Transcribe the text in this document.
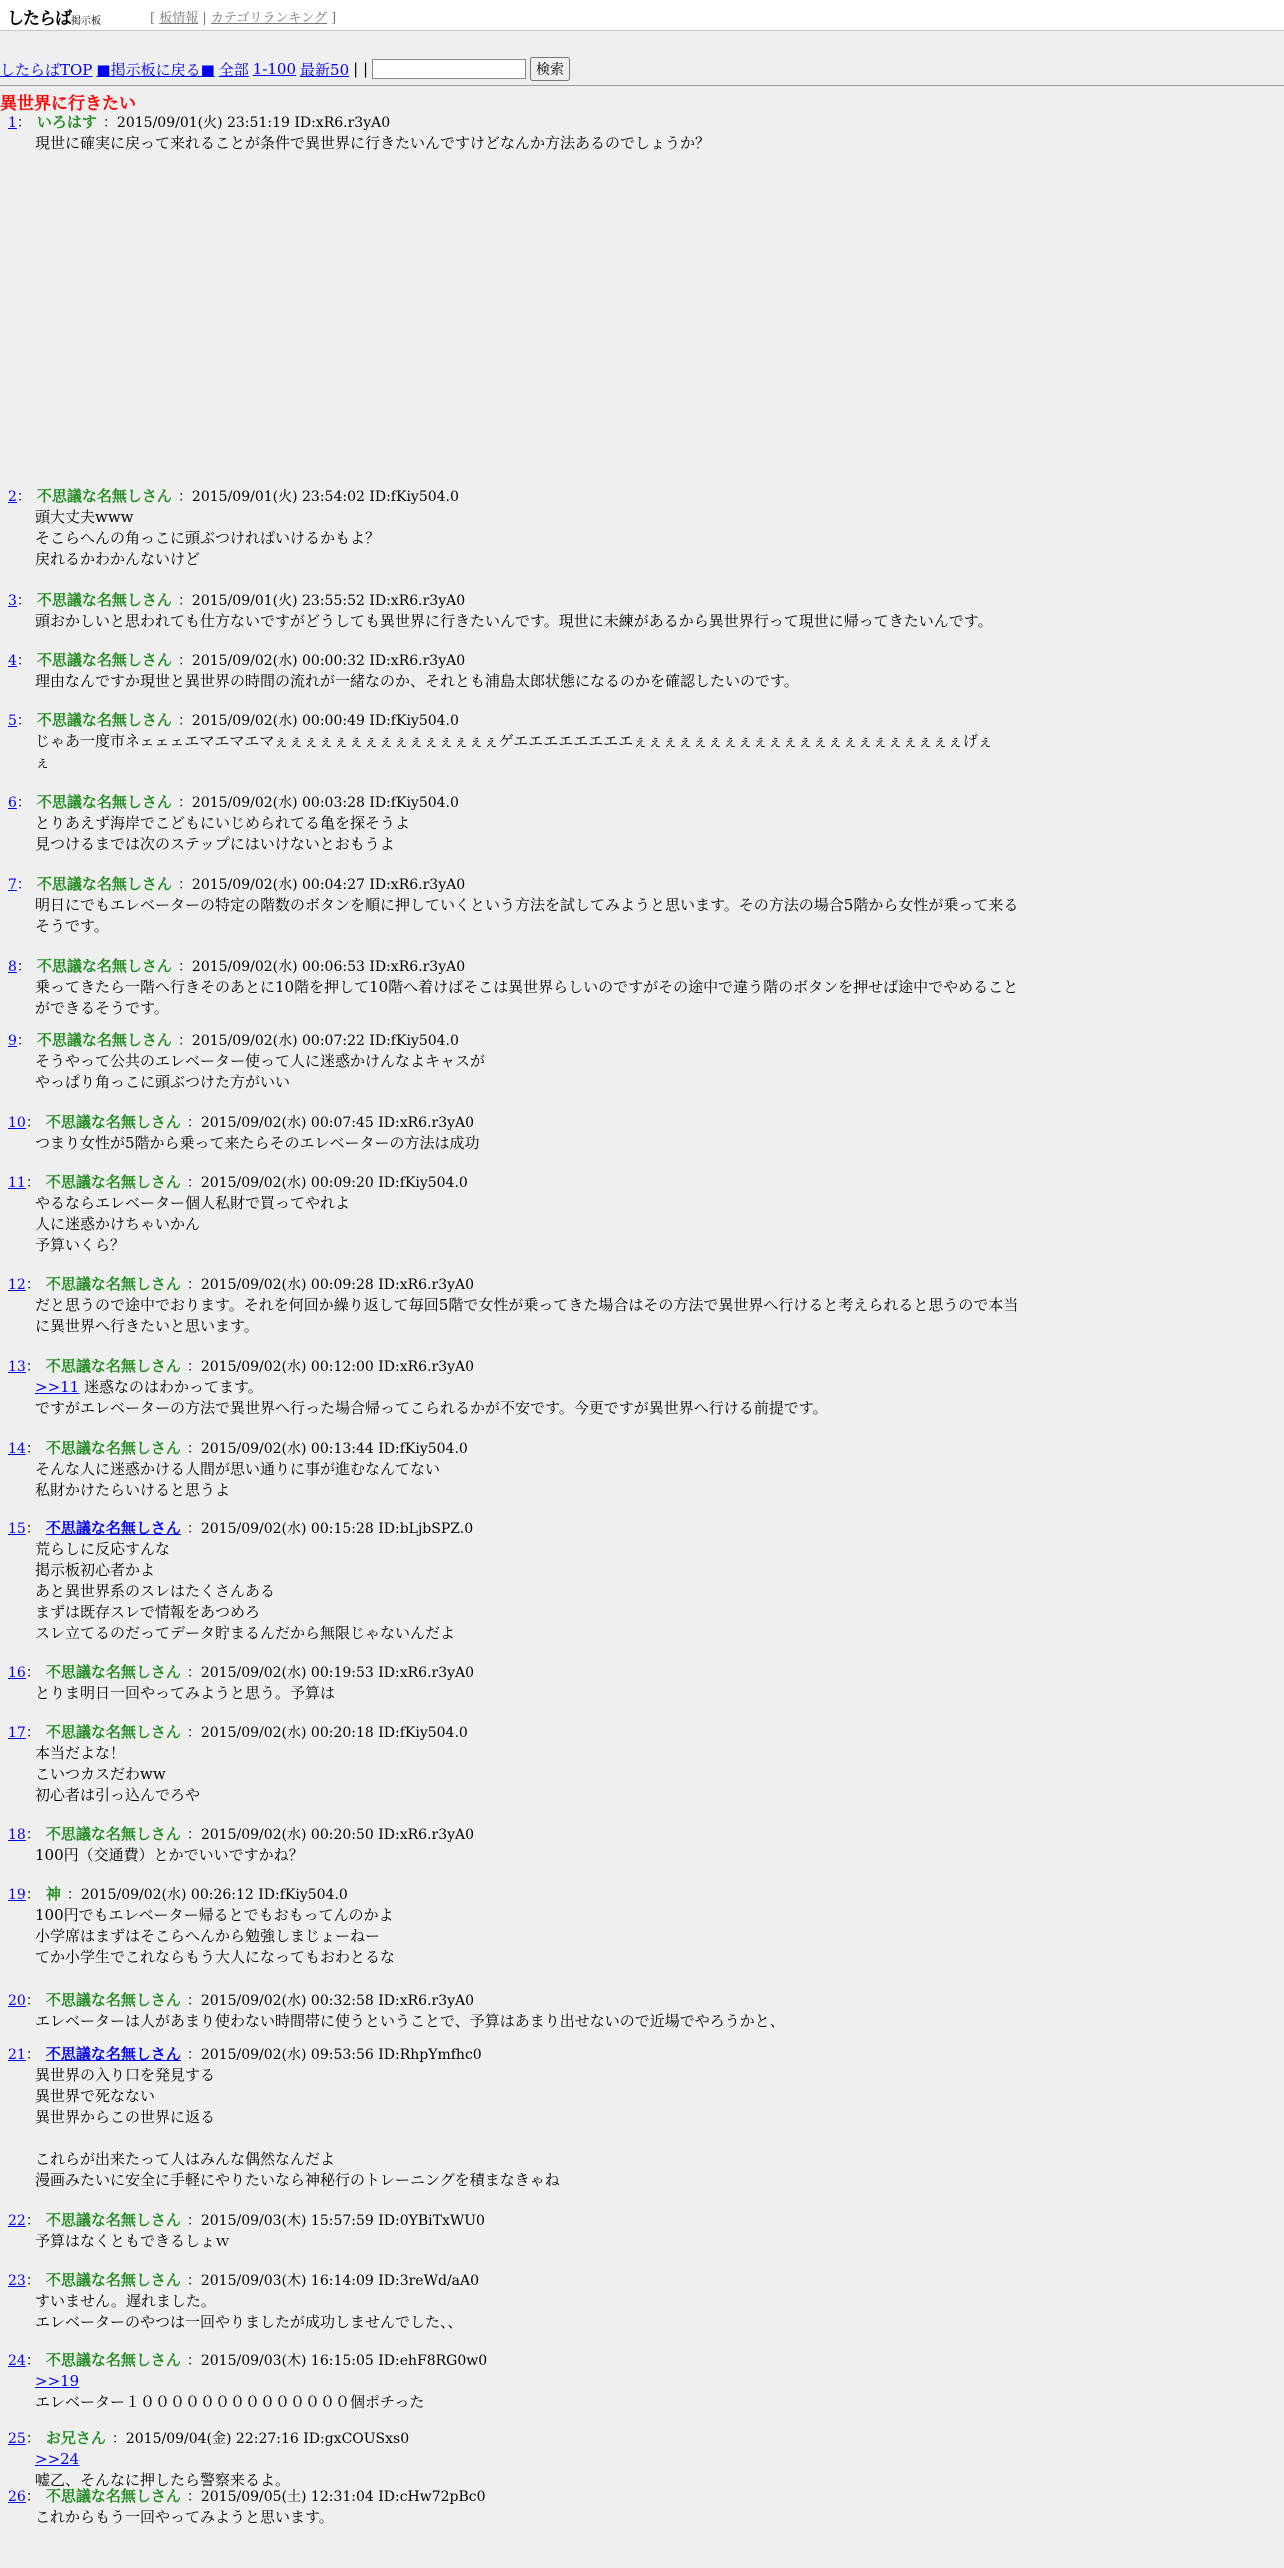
したらば掲示板	[ 板情報 | カテゴリランキング ]
したらばTOP ■掲示板に戻る■ 全部 1-100 最新50 | |	検索
異世界に行きたい
1： いろはす ：2015/09/01(火) 23:51:19 ID:xR6.r3yA0
現世に確実に戻って来れることが条件で異世界に行きたいんですけどなんか方法あるのでしょうか？
2： 不思議な名無しさん ：2015/09/01(火) 23:54:02 ID:fKiy504.0
頭大丈夫www
そこらへんの角っこに頭ぶつければいけるかもよ？
戻れるかわかんないけど
3： 不思議な名無しさん ：2015/09/01(火) 23:55:52 ID:xR6.r3yA0
頭おかしいと思われても仕方ないですがどうしても異世界に行きたいんです。現世に未練があるから異世界行って現世に帰ってきたいんです。
4： 不思議な名無しさん ：2015/09/02(水) 00:00:32 ID:xR6.r3yA0
理由なんですか現世と異世界の時間の流れが一緒なのか、それとも浦島太郎状態になるのかを確認したいのです。
5： 不思議な名無しさん ：2015/09/02(水) 00:00:49 ID:fKiy504.0
じゃあ一度市ネェェェエマエマエマぇぇぇぇぇぇぇぇぇぇぇぇぇぇぇゲエエエエエエエエぇぇぇぇぇぇぇぇぇぇぇぇぇぇぇぇぇぇぇぇぇぇげぇ
ぇ
6： 不思議な名無しさん ：2015/09/02(水) 00:03:28 ID:fKiy504.0
とりあえず海岸でこどもにいじめられてる亀を探そうよ
見つけるまでは次のステップにはいけないとおもうよ
7： 不思議な名無しさん ：2015/09/02(水) 00:04:27 ID:xR6.r3yA0
明日にでもエレベーターの特定の階数のボタンを順に押していくという方法を試してみようと思います。その方法の場合5階から女性が乗って来る
そうです。
8： 不思議な名無しさん ：2015/09/02(水) 00:06:53 ID:xR6.r3yA0
乗ってきたら一階へ行きそのあとに10階を押して10階へ着けばそこは異世界らしいのですがその途中で違う階のボタンを押せば途中でやめること
ができるそうです。
9： 不思議な名無しさん ：2015/09/02(水) 00:07:22 ID:fKiy504.0
そうやって公共のエレベーター使って人に迷惑かけんなよキャスが
やっぱり角っこに頭ぶつけた方がいい
10： 不思議な名無しさん ：2015/09/02(水) 00:07:45 ID:xR6.r3yA0
つまり女性が5階から乗って来たらそのエレベーターの方法は成功
11： 不思議な名無しさん ：2015/09/02(水) 00:09:20 ID:fKiy504.0
やるならエレベーター個人私財で買ってやれよ
人に迷惑かけちゃいかん
予算いくら？
12： 不思議な名無しさん ：2015/09/02(水) 00:09:28 ID:xR6.r3yA0
だと思うので途中でおります。それを何回か繰り返して毎回5階で女性が乗ってきた場合はその方法で異世界へ行けると考えられると思うので本当
に異世界へ行きたいと思います。
13： 不思議な名無しさん ：2015/09/02(水) 00:12:00 ID:xR6.r3yA0
>>11 迷惑なのはわかってます。
ですがエレベーターの方法で異世界へ行った場合帰ってこられるかが不安です。今更ですが異世界へ行ける前提です。
14： 不思議な名無しさん ：2015/09/02(水) 00:13:44 ID:fKiy504.0
そんな人に迷惑かける人間が思い通りに事が進むなんてない
私財かけたらいけると思うよ
15： 不思議な名無しさん ：2015/09/02(水) 00:15:28 ID:bLjbSPZ.0
荒らしに反応すんな
掲示板初心者かよ
あと異世界系のスレはたくさんある
まずは既存スレで情報をあつめろ
スレ立てるのだってデータ貯まるんだから無限じゃないんだよ
16： 不思議な名無しさん ：2015/09/02(水) 00:19:53 ID:xR6.r3yA0
とりま明日一回やってみようと思う。予算は
17： 不思議な名無しさん ：2015/09/02(水) 00:20:18 ID:fKiy504.0
本当だよな！
こいつカスだわww
初心者は引っ込んでろや
18： 不思議な名無しさん ：2015/09/02(水) 00:20:50 ID:xR6.r3yA0
100円（交通費）とかでいいですかね？
19： 神 ：2015/09/02(水) 00:26:12 ID:fKiy504.0
100円でもエレベーター帰るとでもおもってんのかよ
小学席はまずはそこらへんから勉強しまじょーねー
てか小学生でこれならもう大人になってもおわとるな
20： 不思議な名無しさん ：2015/09/02(水) 00:32:58 ID:xR6.r3yA0
エレベーターは人があまり使わない時間帯に使うということで、予算はあまり出せないので近場でやろうかと、
21： 不思議な名無しさん ：2015/09/02(水) 09:53:56 ID:RhpYmfhc0
異世界の入り口を発見する
異世界で死なない
異世界からこの世界に返る

これらが出来たって人はみんな偶然なんだよ
漫画みたいに安全に手軽にやりたいなら神秘行のトレーニングを積まなきゃね
22： 不思議な名無しさん ：2015/09/03(木) 15:57:59 ID:0YBiTxWU0
予算はなくともできるしょｗ
23： 不思議な名無しさん ：2015/09/03(木) 16:14:09 ID:3reWd/aA0
すいません。遅れました。
エレベーターのやつは一回やりましたが成功しませんでした、、
24： 不思議な名無しさん ：2015/09/03(木) 16:15:05 ID:ehF8RG0w0
>>19
エレベーター１００００００００００００００個ポチった
25： お兄さん ：2015/09/04(金) 22:27:16 ID:gxCOUSxs0
>>24
嘘乙、そんなに押したら警察来るよ。
26： 不思議な名無しさん ：2015/09/05(土) 12:31:04 ID:cHw72pBc0
これからもう一回やってみようと思います。
